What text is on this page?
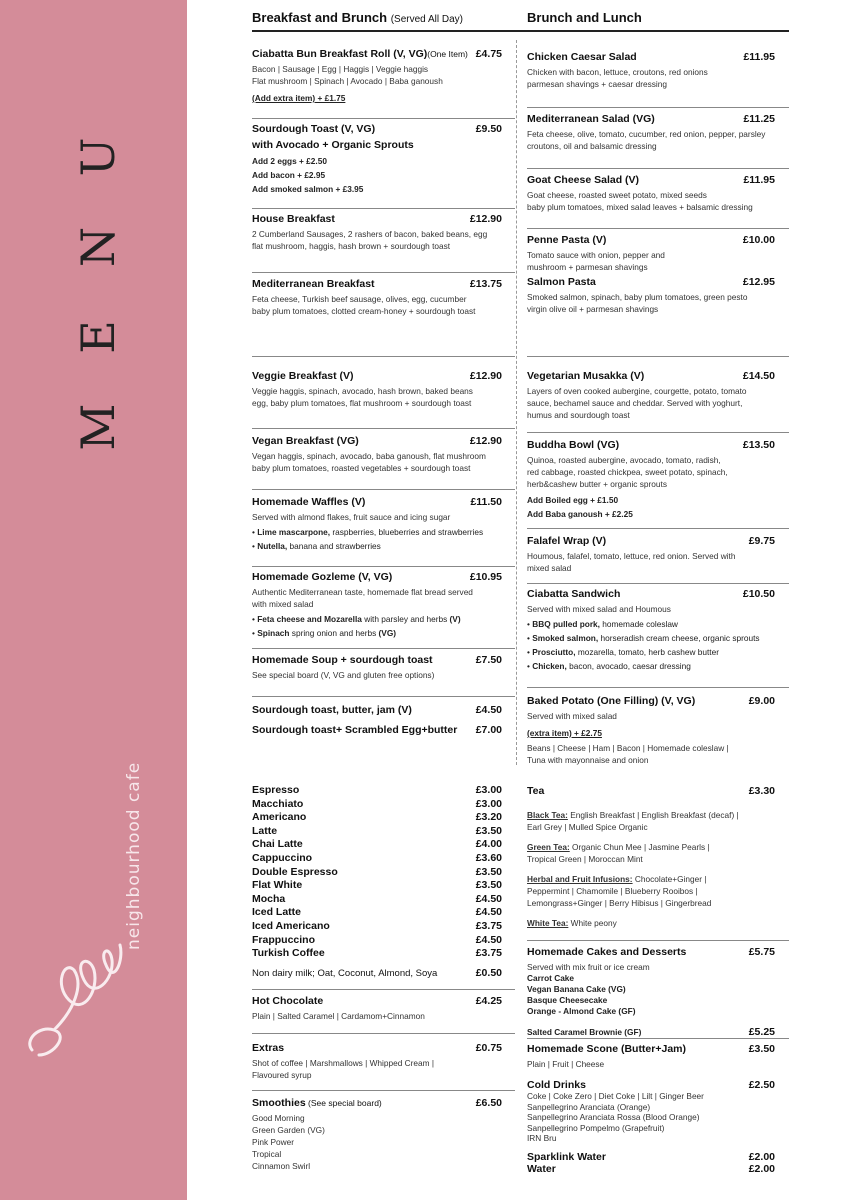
M
E
N
U
neighbourhood cafe
Breakfast and Brunch (Served All Day)	Brunch and Lunch
Ciabatta Bun Breakfast Roll (V, VG)(One Item) £4.75
Bacon | Sausage | Egg | Haggis | Veggie haggis
Flat mushroom | Spinach | Avocado | Baba ganoush
(Add extra item) + £1.75
Sourdough Toast (V, VG)	£9.50
with Avocado + Organic Sprouts
Add 2 eggs + £2.50
Add bacon + £2.95
Add smoked salmon + £3.95
House Breakfast	£12.90
2 Cumberland Sausages, 2 rashers of bacon, baked beans, egg
flat mushroom, haggis, hash brown + sourdough toast
Mediterranean Breakfast	£13.75
Feta cheese, Turkish beef sausage, olives, egg, cucumber
baby plum tomatoes, clotted cream-honey + sourdough toast
Veggie Breakfast (V)	£12.90
Veggie haggis, spinach, avocado, hash brown, baked beans
egg, baby plum tomatoes, flat mushroom + sourdough toast
Vegan Breakfast (VG)	£12.90
Vegan haggis, spinach, avocado, baba ganoush, flat mushroom
baby plum tomatoes, roasted vegetables + sourdough toast
Homemade Waffles (V)	£11.50
Served with almond flakes, fruit sauce and icing sugar
• Lime mascarpone, raspberries, blueberries and strawberries
• Nutella, banana and strawberries
Homemade Gozleme (V, VG)	£10.95
Authentic Mediterranean taste, homemade flat bread served
with mixed salad
• Feta cheese and Mozarella with parsley and herbs (V)
• Spinach spring onion and herbs (VG)
Homemade Soup + sourdough toast	£7.50
See special board (V, VG and gluten free options)
Sourdough toast, butter, jam (V)	£4.50
Sourdough toast+ Scrambled Egg+butter £7.00
Chicken Caesar Salad	£11.95
Chicken with bacon, lettuce, croutons, red onions
parmesan shavings + caesar dressing
Mediterranean Salad (VG)	£11.25
Feta cheese, olive, tomato, cucumber, red onion, pepper, parsley
croutons, oil and balsamic dressing
Goat Cheese Salad (V)	£11.95
Goat cheese, roasted sweet potato, mixed seeds
baby plum tomatoes, mixed salad leaves + balsamic dressing
Penne Pasta (V)	£10.00
Tomato sauce with onion, pepper and
mushroom + parmesan shavings
Salmon Pasta	£12.95
Smoked salmon, spinach, baby plum tomatoes, green pesto
virgin olive oil + parmesan shavings
Vegetarian Musakka (V)	£14.50
Layers of oven cooked aubergine, courgette, potato, tomato
sauce, bechamel sauce and cheddar. Served with yoghurt,
humus and sourdough toast
Buddha Bowl (VG)	£13.50
Quinoa, roasted aubergine, avocado, tomato, radish,
red cabbage, roasted chickpea, sweet potato, spinach,
herb&cashew butter + organic sprouts
Add Boiled egg + £1.50
Add Baba ganoush + £2.25
Falafel Wrap (V)	£9.75
Houmous, falafel, tomato, lettuce, red onion. Served with
mixed salad
Ciabatta Sandwich	£10.50
Served with mixed salad and Houmous
• BBQ pulled pork, homemade coleslaw
• Smoked salmon, horseradish cream cheese, organic sprouts
• Prosciutto, mozarella, tomato, herb cashew butter
• Chicken, bacon, avocado, caesar dressing
Baked Potato (One Filling) (V, VG)	£9.00
Served with mixed salad
(extra item) + £2.75
Beans | Cheese | Ham | Bacon | Homemade coleslaw |
Tuna with mayonnaise and onion
Espresso	£3.00
Macchiato	£3.00
Americano	£3.20
Latte	£3.50
Chai Latte	£4.00
Cappuccino	£3.60
Double Espresso	£3.50
Flat White	£3.50
Mocha	£4.50
Iced Latte	£4.50
Iced Americano	£3.75
Frappuccino	£4.50
Turkish Coffee	£3.75
Non dairy milk; Oat, Coconut, Almond, Soya	£0.50
Hot Chocolate	£4.25
Plain | Salted Caramel | Cardamom+Cinnamon
Extras	£0.75
Shot of coffee | Marshmallows | Whipped Cream |
Flavoured syrup
Smoothies (See special board)	£6.50
Good Morning
Green Garden (VG)
Pink Power
Tropical
Cinnamon Swirl
Tea	£3.30
Black Tea: English Breakfast | English Breakfast (decaf) |
Earl Grey | Mulled Spice Organic
Green Tea: Organic Chun Mee | Jasmine Pearls |
Tropical Green | Moroccan Mint
Herbal and Fruit Infusions: Chocolate+Ginger |
Peppermint | Chamomile | Blueberry Rooibos |
Lemongrass+Ginger | Berry Hibisus | Gingerbread
White Tea: White peony
Homemade Cakes and Desserts	£5.75
Served with mix fruit or ice cream
Carrot Cake
Vegan Banana Cake (VG)
Basque Cheesecake
Orange - Almond Cake (GF)
Salted Caramel Brownie (GF)	£5.25
Homemade Scone (Butter+Jam)	£3.50
Plain | Fruit | Cheese
Cold Drinks	£2.50
Coke | Coke Zero | Diet Coke | Lilt | Ginger Beer
Sanpellegrino Aranciata (Orange)
Sanpellegrino Aranciata Rossa (Blood Orange)
Sanpellegrino Pompelmo (Grapefruit)
IRN Bru
Sparklink Water	£2.00
Water	£2.00
